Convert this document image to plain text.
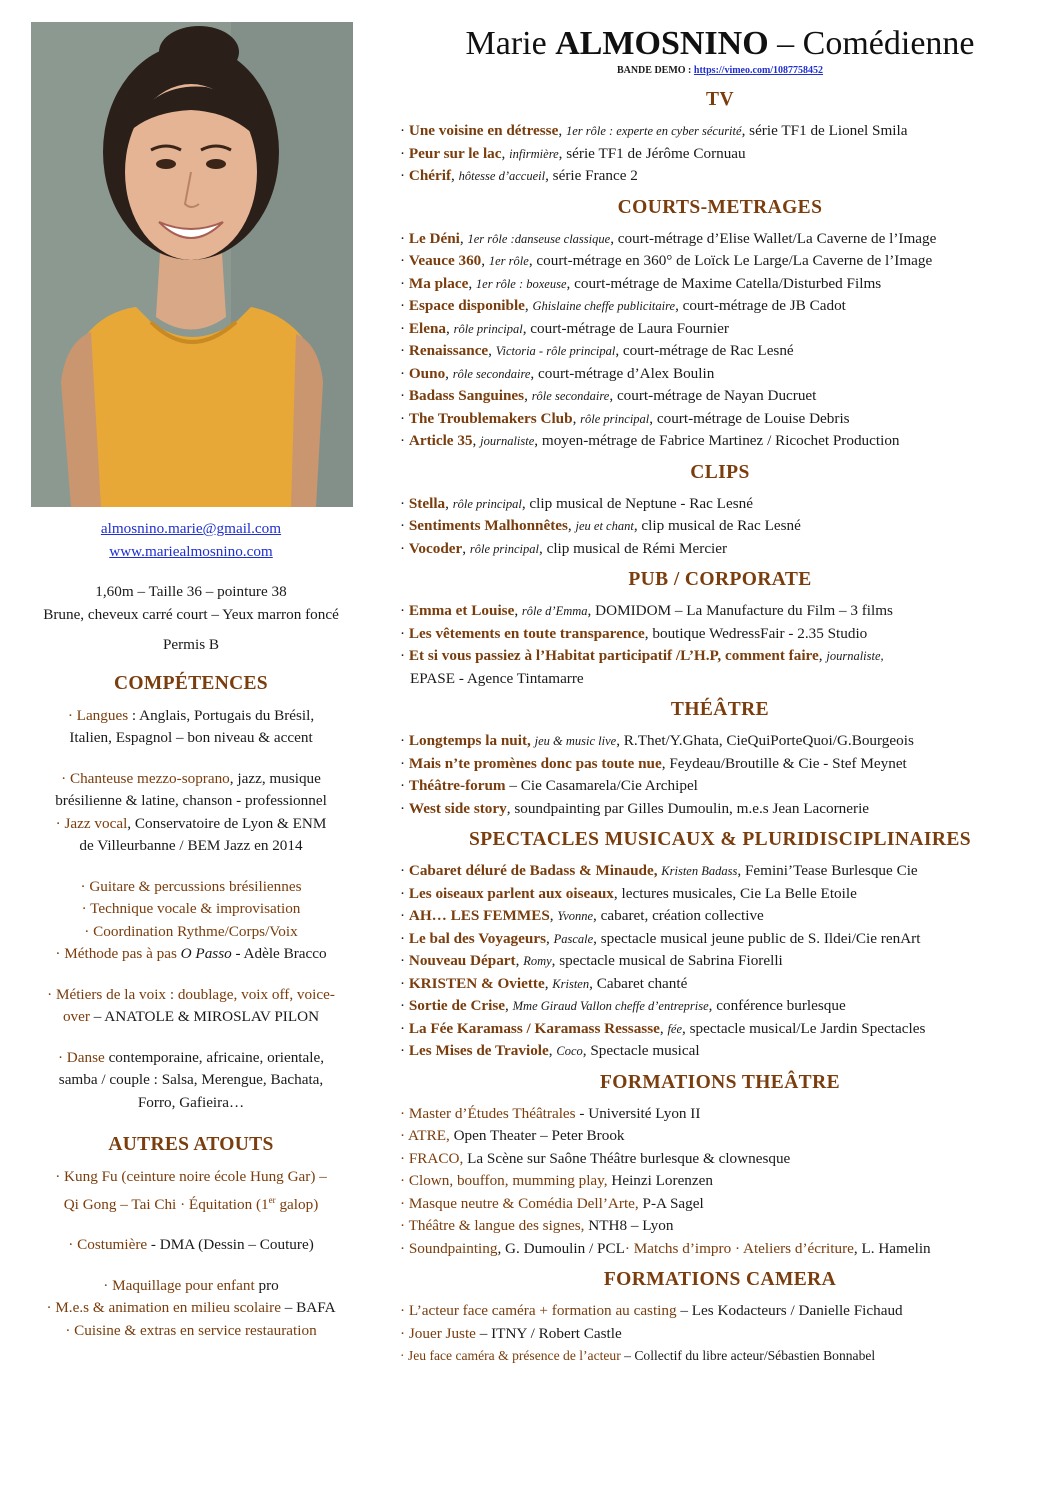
almosnino.marie@gmail.com
www.mariealmosnino.com
1,60m – Taille 36 – pointure 38
Brune, cheveux carré court – Yeux marron foncé
Permis B
COMPÉTENCES
· Langues : Anglais, Portugais du Brésil,
Italien, Espagnol – bon niveau & accent
· Chanteuse mezzo-soprano, jazz, musique
brésilienne & latine, chanson - professionnel
· Jazz vocal, Conservatoire de Lyon & ENM
de Villeurbanne / BEM Jazz en 2014
· Guitare & percussions brésiliennes
· Technique vocale & improvisation
· Coordination Rythme/Corps/Voix
· Méthode pas à pas O Passo - Adèle Bracco
· Métiers de la voix : doublage, voix off, voice-
over – ANATOLE & MIROSLAV PILON
· Danse contemporaine, africaine, orientale,
samba / couple : Salsa, Merengue, Bachata,
Forro, Gafieira…
AUTRES ATOUTS
· Kung Fu (ceinture noire école Hung Gar) –
Qi Gong – Tai Chi · Équitation (1er galop)
· Costumière - DMA (Dessin – Couture)
· Maquillage pour enfant pro
· M.e.s & animation en milieu scolaire – BAFA
· Cuisine & extras en service restauration
Marie ALMOSNINO – Comédienne
BANDE DEMO : https://vimeo.com/1087758452
TV
· Une voisine en détresse, 1er rôle : experte en cyber sécurité, série TF1 de Lionel Smila
· Peur sur le lac, infirmière, série TF1 de Jérôme Cornuau
· Chérif, hôtesse d’accueil, série France 2
COURTS-METRAGES
· Le Déni, 1er rôle :danseuse classique, court-métrage d’Elise Wallet/La Caverne de l’Image
· Veauce 360, 1er rôle, court-métrage en 360° de Loïck Le Large/La Caverne de l’Image
· Ma place, 1er rôle : boxeuse, court-métrage de Maxime Catella/Disturbed Films
· Espace disponible, Ghislaine cheffe publicitaire, court-métrage de JB Cadot
· Elena, rôle principal, court-métrage de Laura Fournier
· Renaissance, Victoria - rôle principal, court-métrage de Rac Lesné
· Ouno, rôle secondaire, court-métrage d’Alex Boulin
· Badass Sanguines, rôle secondaire, court-métrage de Nayan Ducruet
· The Troublemakers Club, rôle principal, court-métrage de Louise Debris
· Article 35, journaliste, moyen-métrage de Fabrice Martinez / Ricochet Production
CLIPS
· Stella, rôle principal, clip musical de Neptune - Rac Lesné
· Sentiments Malhonnêtes, jeu et chant, clip musical de Rac Lesné
· Vocoder, rôle principal, clip musical de Rémi Mercier
PUB / CORPORATE
· Emma et Louise, rôle d’Emma, DOMIDOM – La Manufacture du Film – 3 films
· Les vêtements en toute transparence, boutique WedressFair - 2.35 Studio
· Et si vous passiez à l’Habitat participatif /L’H.P, comment faire, journaliste,
EPASE - Agence Tintamarre
THÉÂTRE
· Longtemps la nuit, jeu & music live, R.Thet/Y.Ghata, CieQuiPorteQuoi/G.Bourgeois
· Mais n’te promènes donc pas toute nue, Feydeau/Broutille & Cie - Stef Meynet
· Théâtre-forum – Cie Casamarela/Cie Archipel
· West side story, soundpainting par Gilles Dumoulin, m.e.s Jean Lacornerie
SPECTACLES MUSICAUX & PLURIDISCIPLINAIRES
· Cabaret déluré de Badass & Minaude, Kristen Badass, Femini’Tease Burlesque Cie
· Les oiseaux parlent aux oiseaux, lectures musicales, Cie La Belle Etoile
· AH… LES FEMMES, Yvonne, cabaret, création collective
· Le bal des Voyageurs, Pascale, spectacle musical jeune public de S. Ildei/Cie renArt
· Nouveau Départ, Romy, spectacle musical de Sabrina Fiorelli
· KRISTEN & Oviette, Kristen, Cabaret chanté
· Sortie de Crise, Mme Giraud Vallon cheffe d’entreprise, conférence burlesque
· La Fée Karamass / Karamass Ressasse, fée, spectacle musical/Le Jardin Spectacles
· Les Mises de Traviole, Coco, Spectacle musical
FORMATIONS THEÂTRE
· Master d’Études Théâtrales - Université Lyon II
· ATRE, Open Theater – Peter Brook
· FRACO, La Scène sur Saône Théâtre burlesque & clownesque
· Clown, bouffon, mumming play, Heinzi Lorenzen
· Masque neutre & Comédia Dell’Arte, P-A Sagel
· Théâtre & langue des signes, NTH8 – Lyon
· Soundpainting, G. Dumoulin / PCL· Matchs d’impro · Ateliers d’écriture, L. Hamelin
FORMATIONS CAMERA
· L’acteur face caméra + formation au casting – Les Kodacteurs / Danielle Fichaud
· Jouer Juste – ITNY / Robert Castle
· Jeu face caméra & présence de l’acteur – Collectif du libre acteur/Sébastien Bonnabel
